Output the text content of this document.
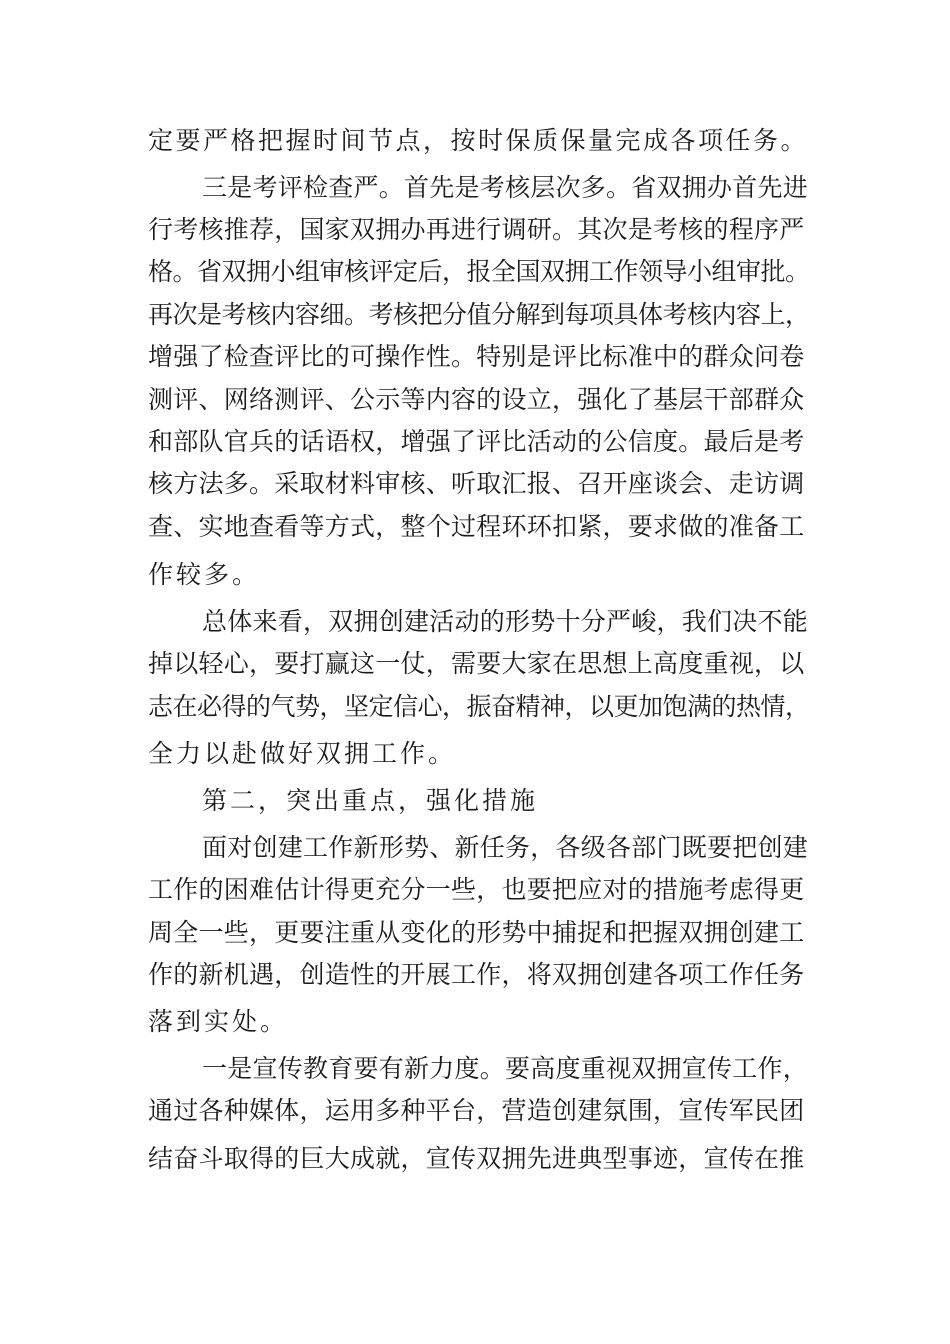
定要严格把握时间节点，按时保质保量完成各项任务。
三是考评检查严。首先是考核层次多。省双拥办首先进
行考核推荐，国家双拥办再进行调研。其次是考核的程序严
格。省双拥小组审核评定后，报全国双拥工作领导小组审批。
再次是考核内容细。考核把分值分解到每项具体考核内容上，
增强了检查评比的可操作性。特别是评比标准中的群众问卷
测评、网络测评、公示等内容的设立，强化了基层干部群众
和部队官兵的话语权，增强了评比活动的公信度。最后是考
核方法多。采取材料审核、听取汇报、召开座谈会、走访调
查、实地查看等方式，整个过程环环扣紧，要求做的准备工
作较多。
总体来看，双拥创建活动的形势十分严峻，我们决不能
掉以轻心，要打赢这一仗，需要大家在思想上高度重视，以
志在必得的气势，坚定信心，振奋精神，以更加饱满的热情，
全力以赴做好双拥工作。
第二，突出重点，强化措施
面对创建工作新形势、新任务，各级各部门既要把创建
工作的困难估计得更充分一些，也要把应对的措施考虑得更
周全一些，更要注重从变化的形势中捕捉和把握双拥创建工
作的新机遇，创造性的开展工作，将双拥创建各项工作任务
落到实处。
一是宣传教育要有新力度。要高度重视双拥宣传工作，
通过各种媒体，运用多种平台，营造创建氛围，宣传军民团
结奋斗取得的巨大成就，宣传双拥先进典型事迹，宣传在推
